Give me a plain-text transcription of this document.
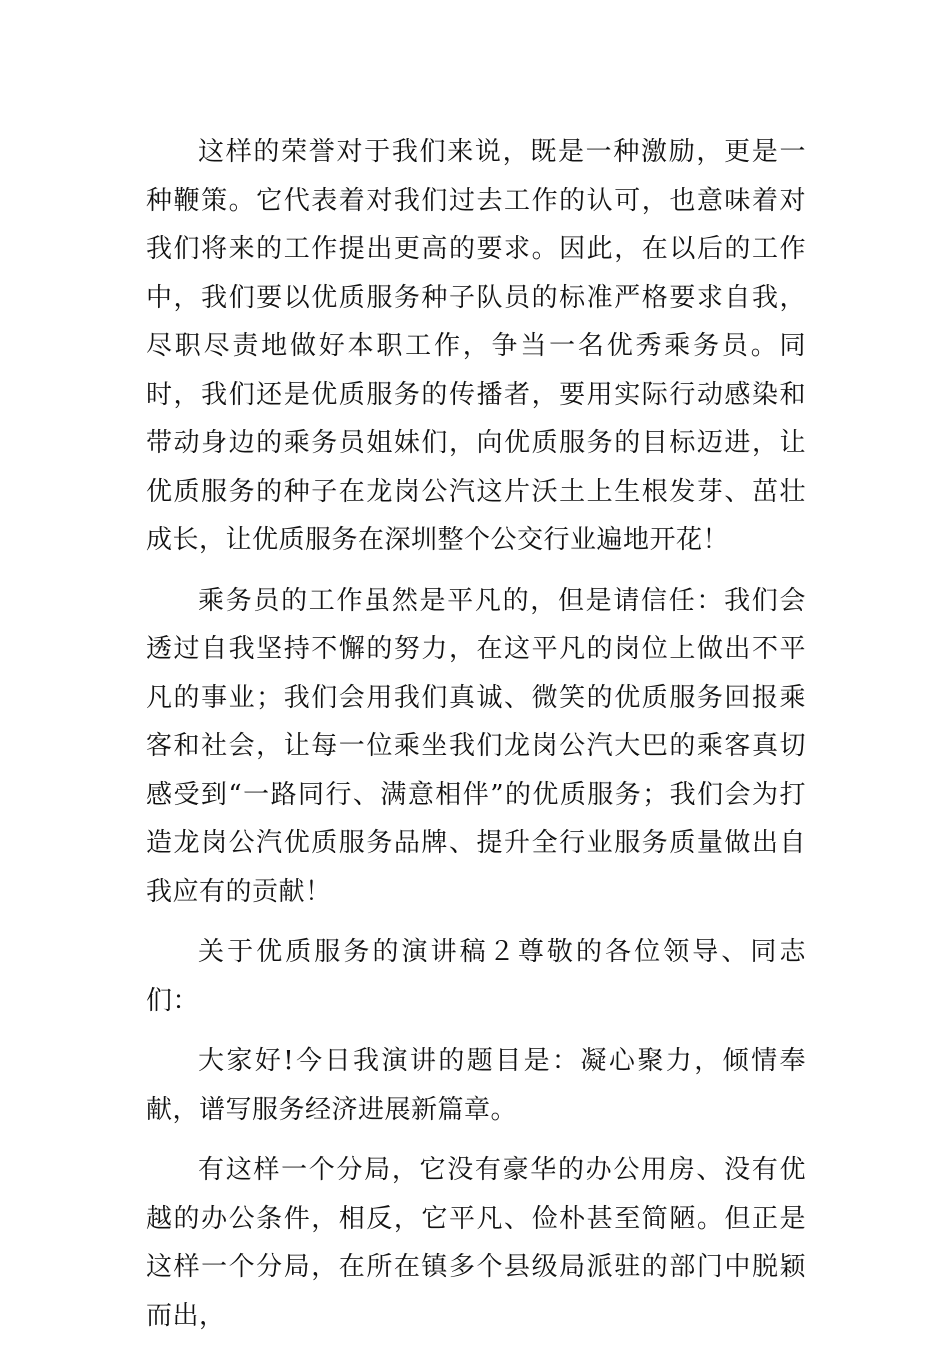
这样的荣誉对于我们来说，既是一种激励，更是一种鞭策。它代表着对我们过去工作的认可，也意味着对我们将来的工作提出更高的要求。因此，在以后的工作中，我们要以优质服务种子队员的标准严格要求自我，尽职尽责地做好本职工作，争当一名优秀乘务员。同时，我们还是优质服务的传播者，要用实际行动感染和带动身边的乘务员姐妹们，向优质服务的目标迈进，让优质服务的种子在龙岗公汽这片沃土上生根发芽、茁壮成长，让优质服务在深圳整个公交行业遍地开花！

乘务员的工作虽然是平凡的，但是请信任：我们会透过自我坚持不懈的努力，在这平凡的岗位上做出不平凡的事业；我们会用我们真诚、微笑的优质服务回报乘客和社会，让每一位乘坐我们龙岗公汽大巴的乘客真切感受到“一路同行、满意相伴”的优质服务；我们会为打造龙岗公汽优质服务品牌、提升全行业服务质量做出自我应有的贡献！

关于优质服务的演讲稿２尊敬的各位领导、同志们：

大家好!今日我演讲的题目是：凝心聚力，倾情奉献，谱写服务经济进展新篇章。

有这样一个分局，它没有豪华的办公用房、没有优越的办公条件，相反，它平凡、俭朴甚至简陋。但正是这样一个分局，在所在镇多个县级局派驻的部门中脱颖而出，
